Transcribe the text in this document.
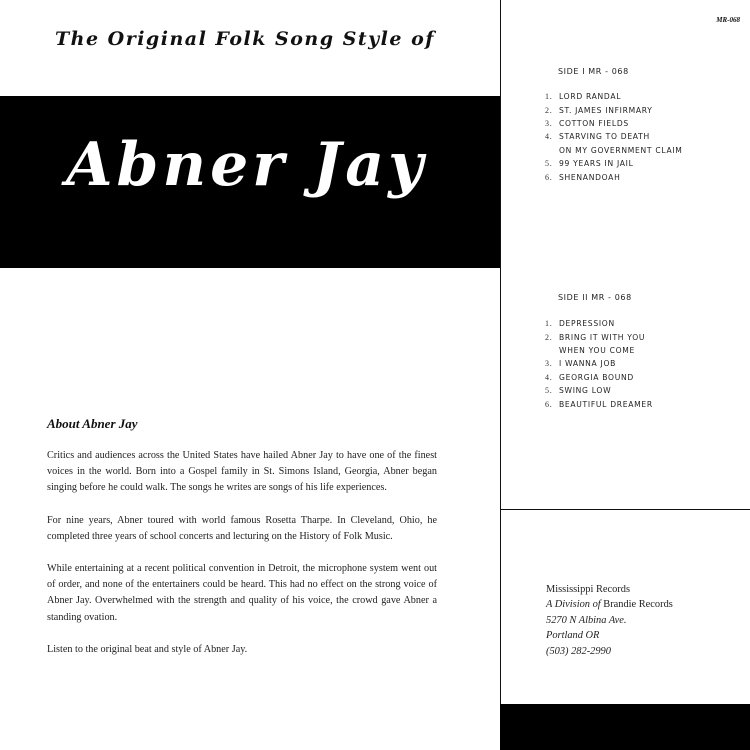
The Original Folk Song Style of
Abner Jay
MR-068
SIDE I MR - 068
1. LORD RANDAL
2. ST. JAMES INFIRMARY
3. COTTON FIELDS
4. STARVING TO DEATH
ON MY GOVERNMENT CLAIM
5. 99 YEARS IN JAIL
6. SHENANDOAH
SIDE II MR - 068
1. DEPRESSION
2. BRING IT WITH YOU
WHEN YOU COME
3. I WANNA JOB
4. GEORGIA BOUND
5. SWING LOW
6. BEAUTIFUL DREAMER
About Abner Jay

Critics and audiences across the United States have hailed Abner Jay to have one of the finest voices in the world. Born into a Gospel family in St. Simons Island, Georgia, Abner began singing before he could walk. The songs he writes are songs of his life experiences.

For nine years, Abner toured with world famous Rosetta Tharpe. In Cleveland, Ohio, he completed three years of school concerts and lecturing on the History of Folk Music.

While entertaining at a recent political convention in Detroit, the microphone system went out of order, and none of the entertainers could be heard. This had no effect on the strong voice of Abner Jay. Overwhelmed with the strength and quality of his voice, the crowd gave Abner a standing ovation.

Listen to the original beat and style of Abner Jay.

Mississippi Records
A Division of Brandie Records
5270 N Albina Ave.
Portland OR
(503) 282-2990
